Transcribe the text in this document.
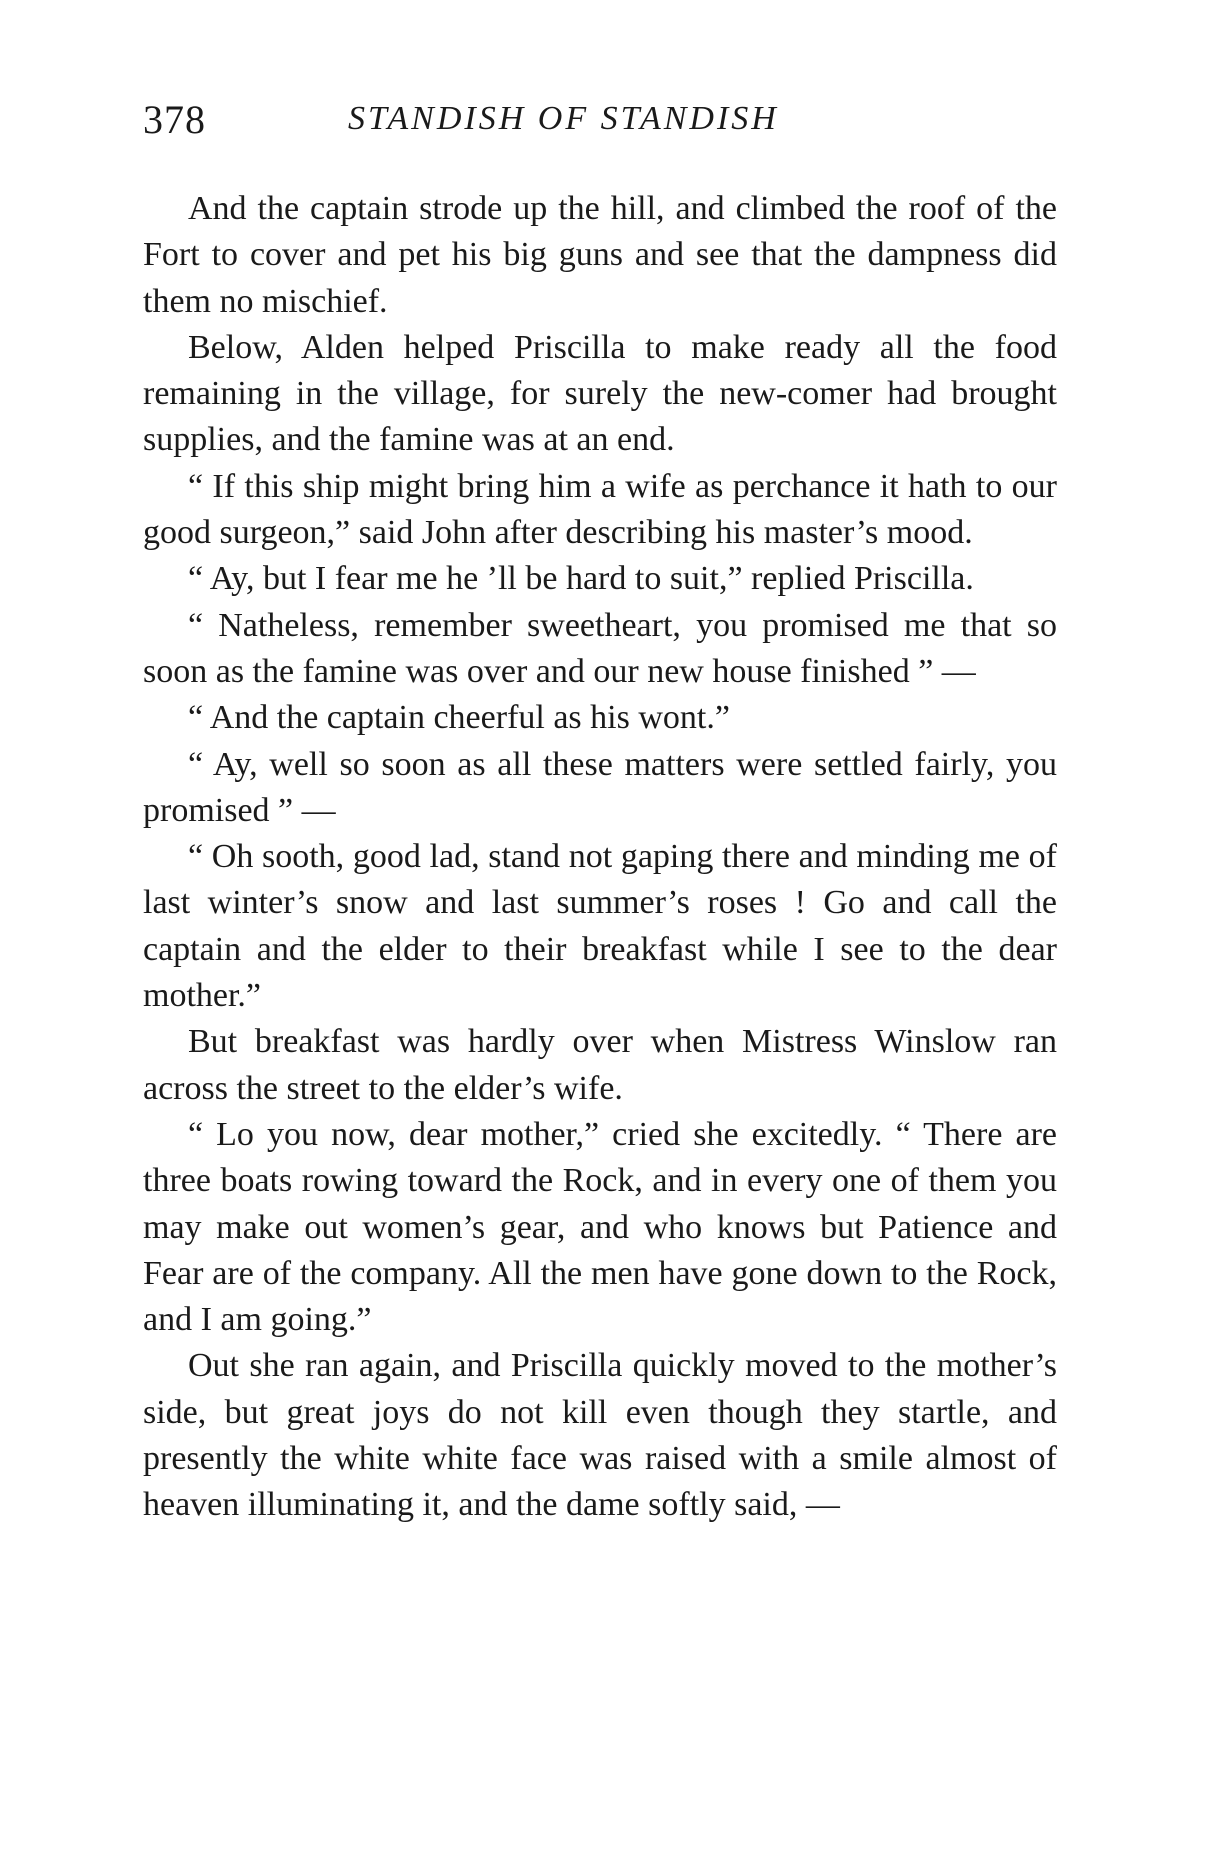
378	STANDISH OF STANDISH

And the captain strode up the hill, and climbed the roof of the Fort to cover and pet his big guns and see that the dampness did them no mischief.

Below, Alden helped Priscilla to make ready all the food remaining in the village, for surely the new-comer had brought supplies, and the famine was at an end.

“ If this ship might bring him a wife as perchance it hath to our good surgeon,” said John after describing his master’s mood.

“ Ay, but I fear me he ’ll be hard to suit,” replied Priscilla.

“ Natheless, remember sweetheart, you promised me that so soon as the famine was over and our new house finished ” —

“ And the captain cheerful as his wont.”

“ Ay, well so soon as all these matters were settled fairly, you promised ” —

“ Oh sooth, good lad, stand not gaping there and minding me of last winter’s snow and last summer’s roses ! Go and call the captain and the elder to their breakfast while I see to the dear mother.”

But breakfast was hardly over when Mistress Winslow ran across the street to the elder’s wife.

“ Lo you now, dear mother,” cried she excitedly. “ There are three boats rowing toward the Rock, and in every one of them you may make out women’s gear, and who knows but Patience and Fear are of the company. All the men have gone down to the Rock, and I am going.”

Out she ran again, and Priscilla quickly moved to the mother’s side, but great joys do not kill even though they startle, and presently the white white face was raised with a smile almost of heaven illuminating it, and the dame softly said, —
